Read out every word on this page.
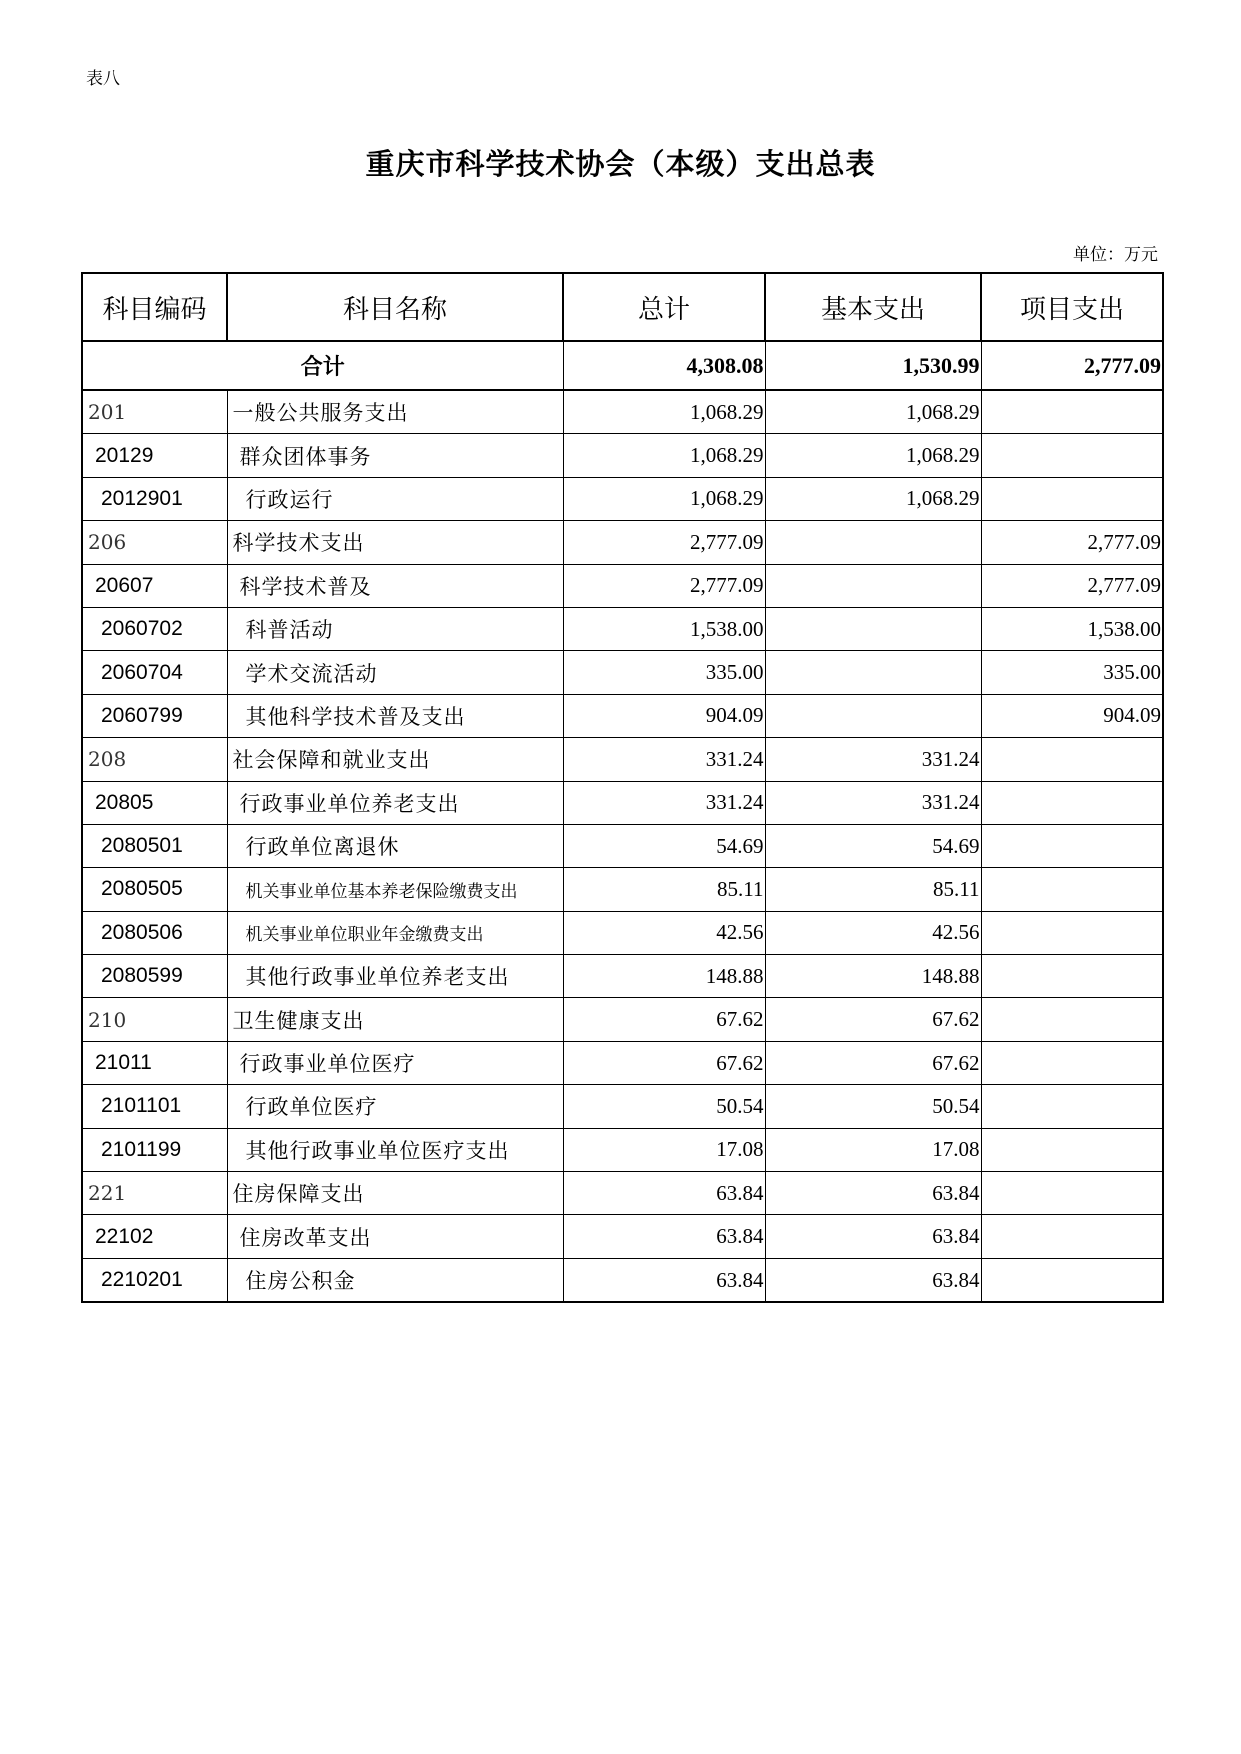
表八
重庆市科学技术协会（本级）支出总表
单位：万元
科目编码	科目名称	总计	基本支出	项目支出
合计		4,308.08	1,530.99	2,777.09
201	一般公共服务支出	1,068.29	1,068.29	
20129	群众团体事务	1,068.29	1,068.29	
2012901	行政运行	1,068.29	1,068.29	
206	科学技术支出	2,777.09		2,777.09
20607	科学技术普及	2,777.09		2,777.09
2060702	科普活动	1,538.00		1,538.00
2060704	学术交流活动	335.00		335.00
2060799	其他科学技术普及支出	904.09		904.09
208	社会保障和就业支出	331.24	331.24	
20805	行政事业单位养老支出	331.24	331.24	
2080501	行政单位离退休	54.69	54.69	
2080505	机关事业单位基本养老保险缴费支出	85.11	85.11	
2080506	机关事业单位职业年金缴费支出	42.56	42.56	
2080599	其他行政事业单位养老支出	148.88	148.88	
210	卫生健康支出	67.62	67.62	
21011	行政事业单位医疗	67.62	67.62	
2101101	行政单位医疗	50.54	50.54	
2101199	其他行政事业单位医疗支出	17.08	17.08	
221	住房保障支出	63.84	63.84	
22102	住房改革支出	63.84	63.84	
2210201	住房公积金	63.84	63.84	
